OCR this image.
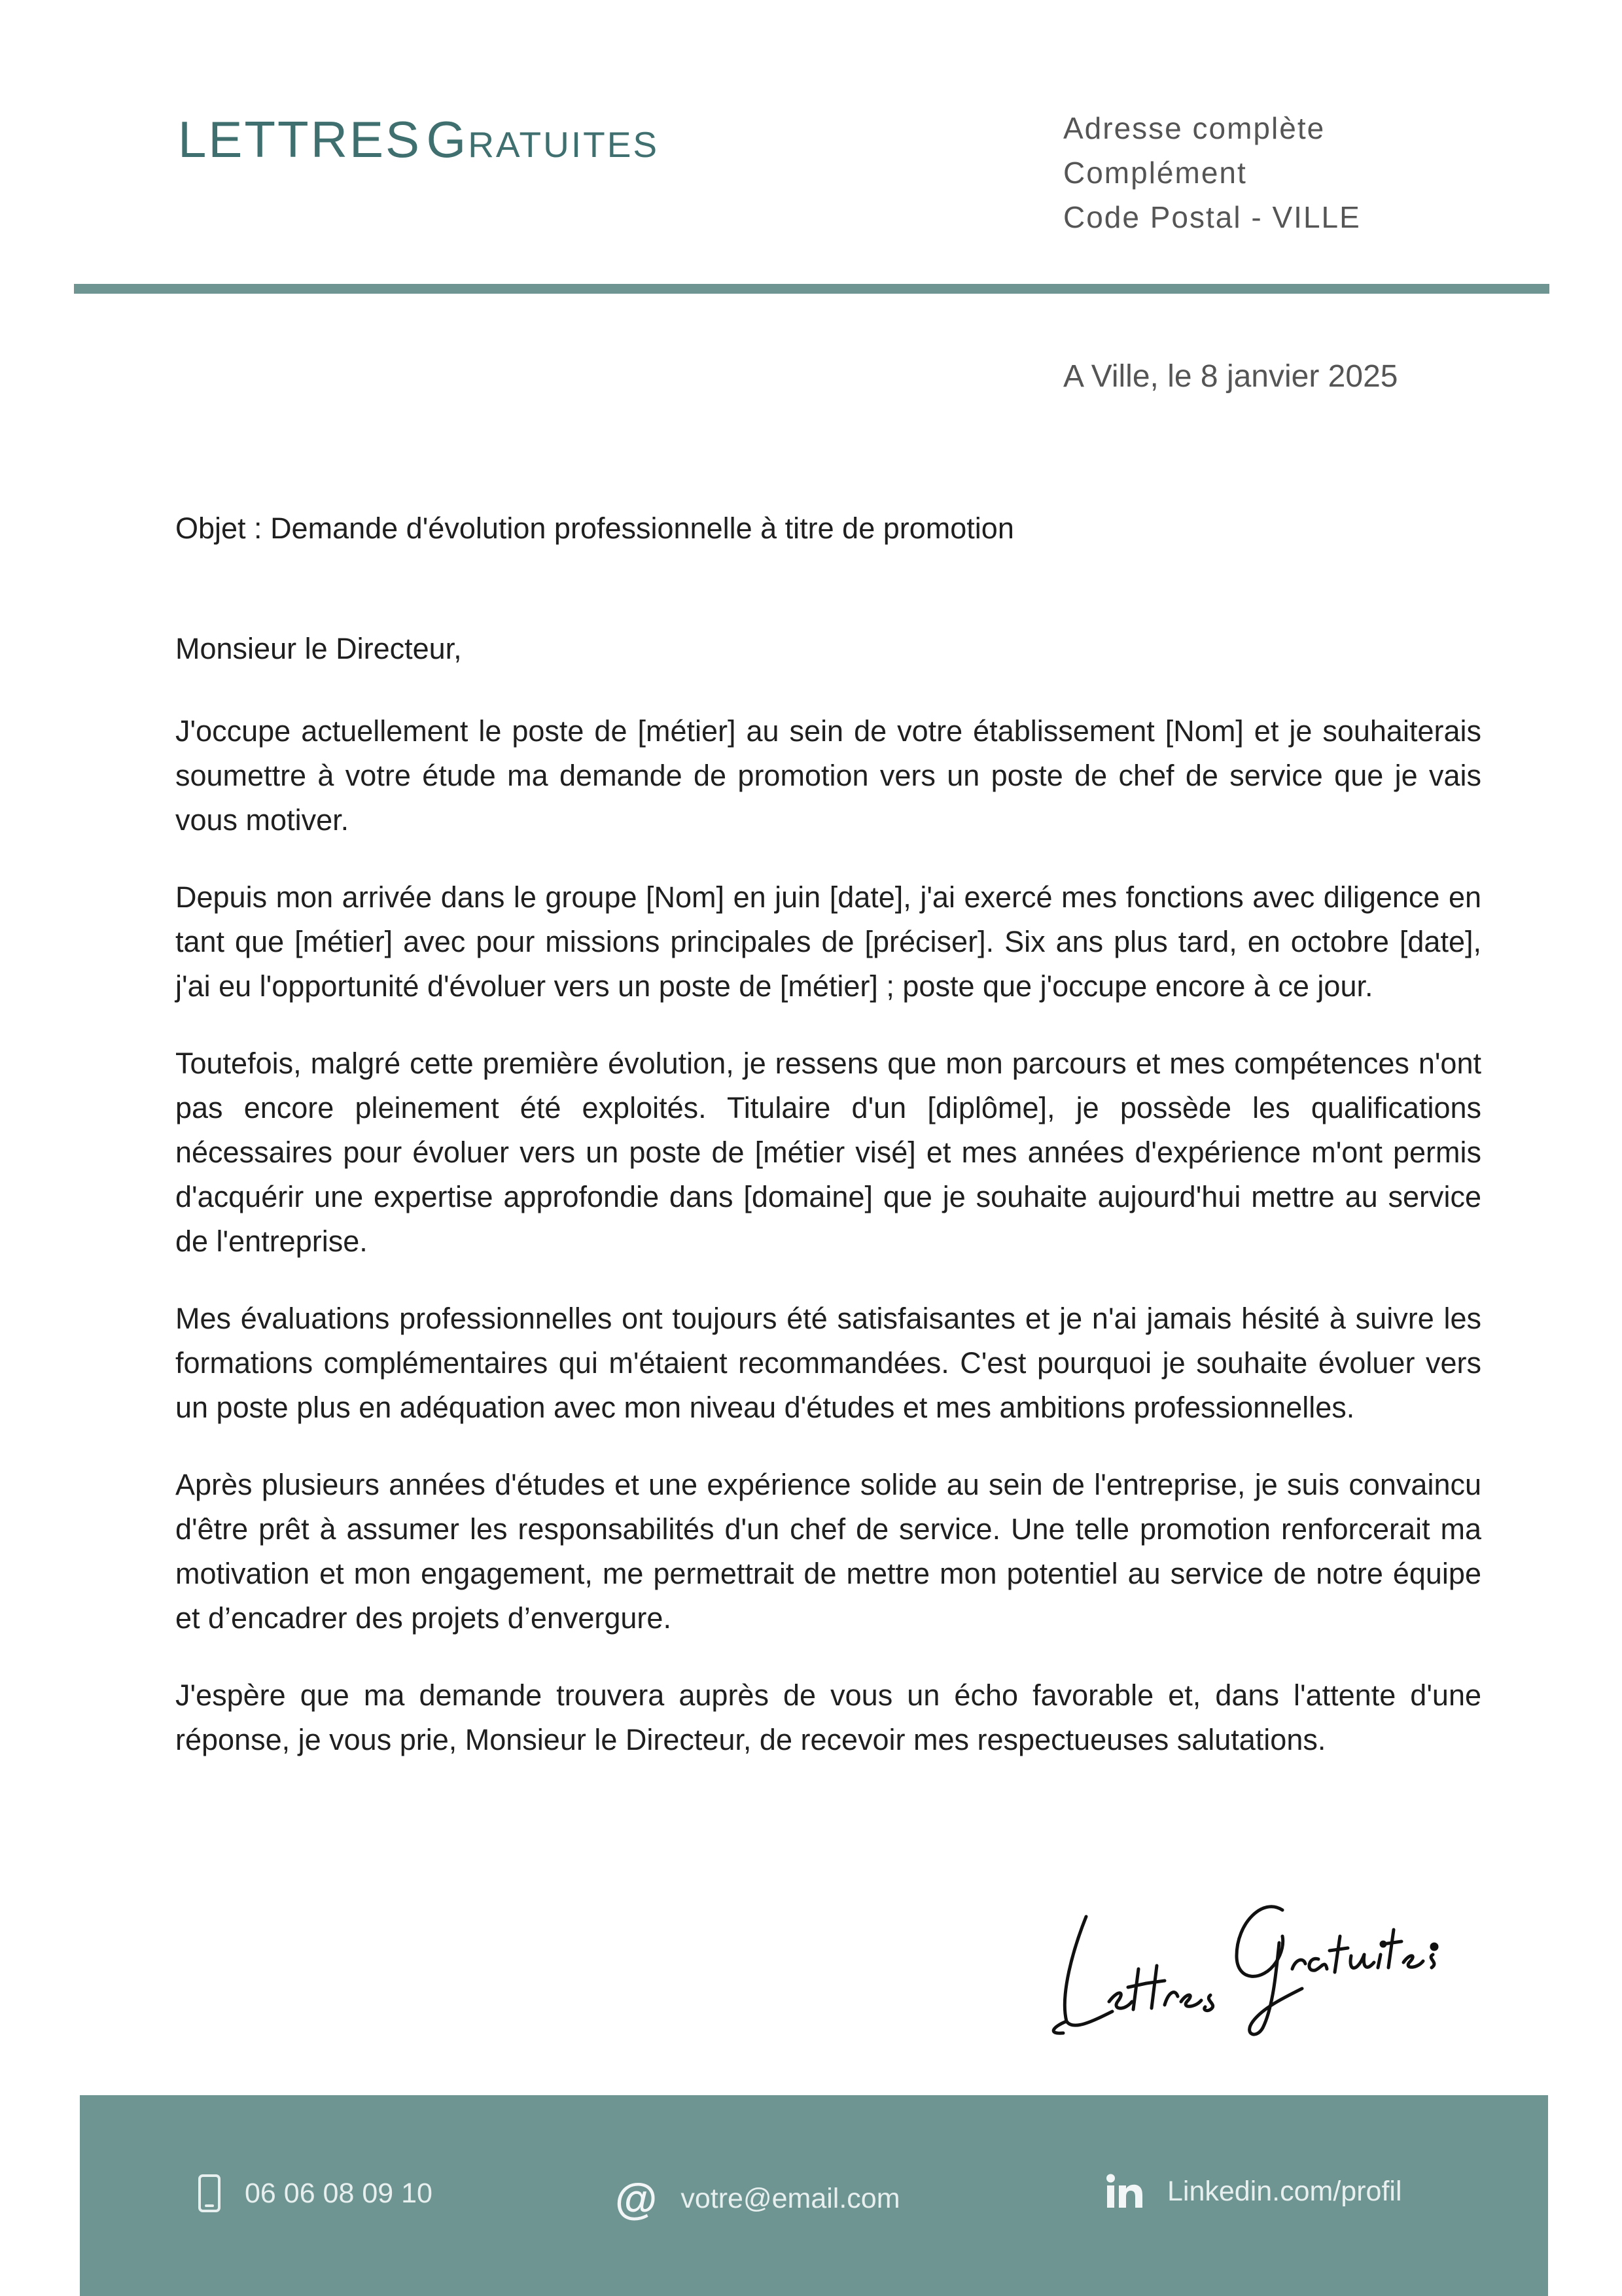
LETTRES Gratuites	Adresse complète
Complément
Code Postal - VILLE
A Ville, le 8 janvier 2025
Objet : Demande d'évolution professionnelle à titre de promotion
Monsieur le Directeur,

J'occupe actuellement le poste de [métier] au sein de votre établissement [Nom] et je souhaiterais soumettre à votre étude ma demande de promotion vers un poste de chef de service que je vais vous motiver.

Depuis mon arrivée dans le groupe [Nom] en juin [date], j'ai exercé mes fonctions avec diligence en tant que [métier] avec pour missions principales de [préciser]. Six ans plus tard, en octobre [date], j'ai eu l'opportunité d'évoluer vers un poste de [métier] ; poste que j'occupe encore à ce jour.

Toutefois, malgré cette première évolution, je ressens que mon parcours et mes compétences n'ont pas encore pleinement été exploités. Titulaire d'un [diplôme], je possède les qualifications nécessaires pour évoluer vers un poste de [métier visé] et mes années d'expérience m'ont permis d'acquérir une expertise approfondie dans [domaine] que je souhaite aujourd'hui mettre au service de l'entreprise.

Mes évaluations professionnelles ont toujours été satisfaisantes et je n'ai jamais hésité à suivre les formations complémentaires qui m'étaient recommandées. C'est pourquoi je souhaite évoluer vers un poste plus en adéquation avec mon niveau d'études et mes ambitions professionnelles.

Après plusieurs années d'études et une expérience solide au sein de l'entreprise, je suis convaincu d'être prêt à assumer les responsabilités d'un chef de service. Une telle promotion renforcerait ma motivation et mon engagement, me permettrait de mettre mon potentiel au service de notre équipe et d’encadrer des projets d’envergure.

J'espère que ma demande trouvera auprès de vous un écho favorable et, dans l'attente d'une réponse, je vous prie, Monsieur le Directeur, de recevoir mes respectueuses salutations.

06 06 08 09 10	@ votre@email.com	Linkedin.com/profil
